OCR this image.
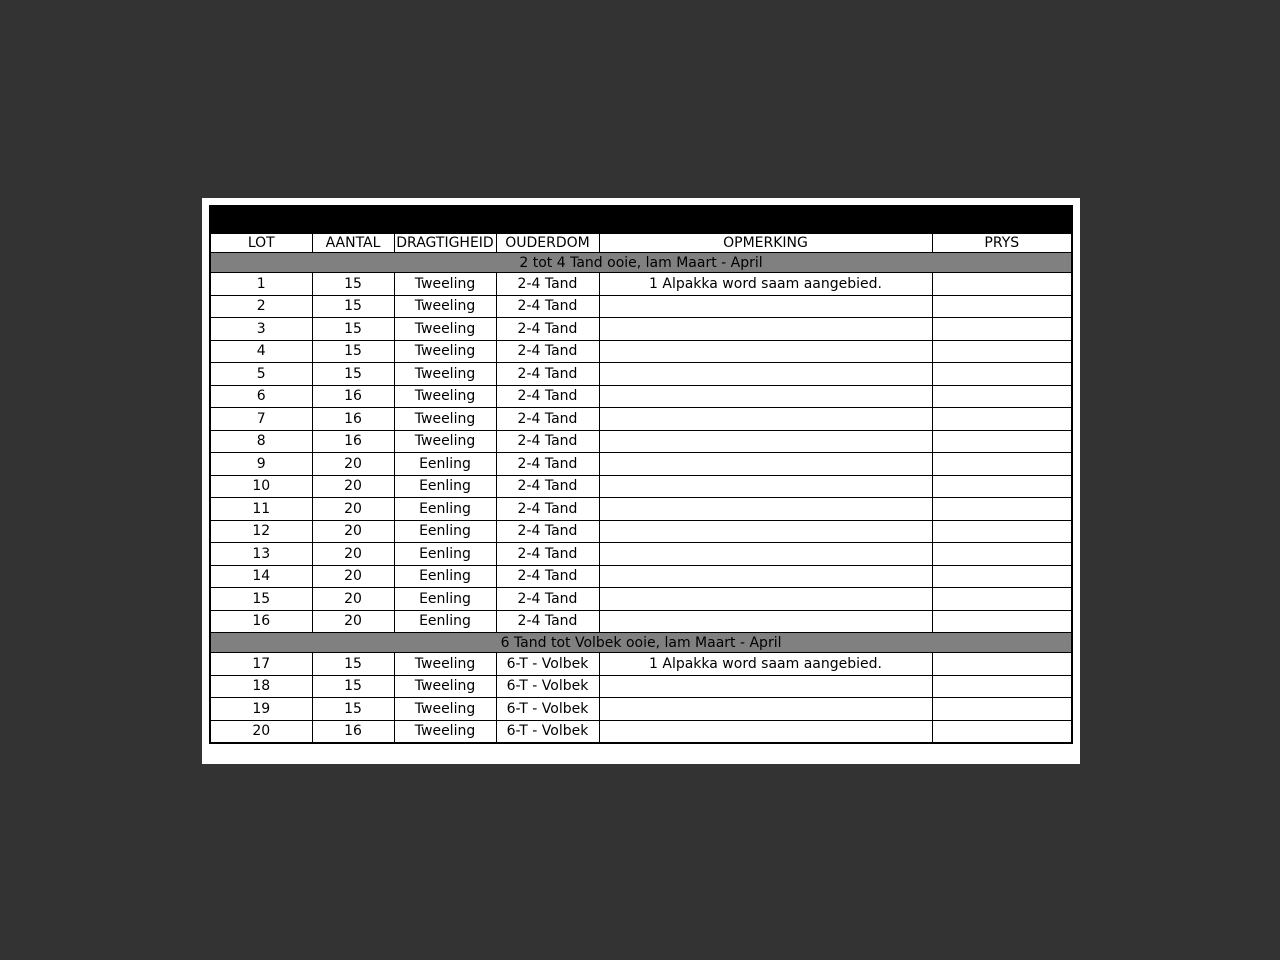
KOMMERSIëLE OOIE					
LOT	AANTAL	DRAGTIGHEID	OUDERDOM	OPMERKING	PRYS
2 tot 4 Tand ooie, lam Maart - April					
1	15	Tweeling	2-4 Tand	1 Alpakka word saam aangebied.	
2	15	Tweeling	2-4 Tand		
3	15	Tweeling	2-4 Tand		
4	15	Tweeling	2-4 Tand		
5	15	Tweeling	2-4 Tand		
6	16	Tweeling	2-4 Tand		
7	16	Tweeling	2-4 Tand		
8	16	Tweeling	2-4 Tand		
9	20	Eenling	2-4 Tand		
10	20	Eenling	2-4 Tand		
11	20	Eenling	2-4 Tand		
12	20	Eenling	2-4 Tand		
13	20	Eenling	2-4 Tand		
14	20	Eenling	2-4 Tand		
15	20	Eenling	2-4 Tand		
16	20	Eenling	2-4 Tand		
6 Tand tot Volbek ooie, lam Maart - April					
17	15	Tweeling	6-T - Volbek	1 Alpakka word saam aangebied.	
18	15	Tweeling	6-T - Volbek		
19	15	Tweeling	6-T - Volbek		
20	16	Tweeling	6-T - Volbek		
